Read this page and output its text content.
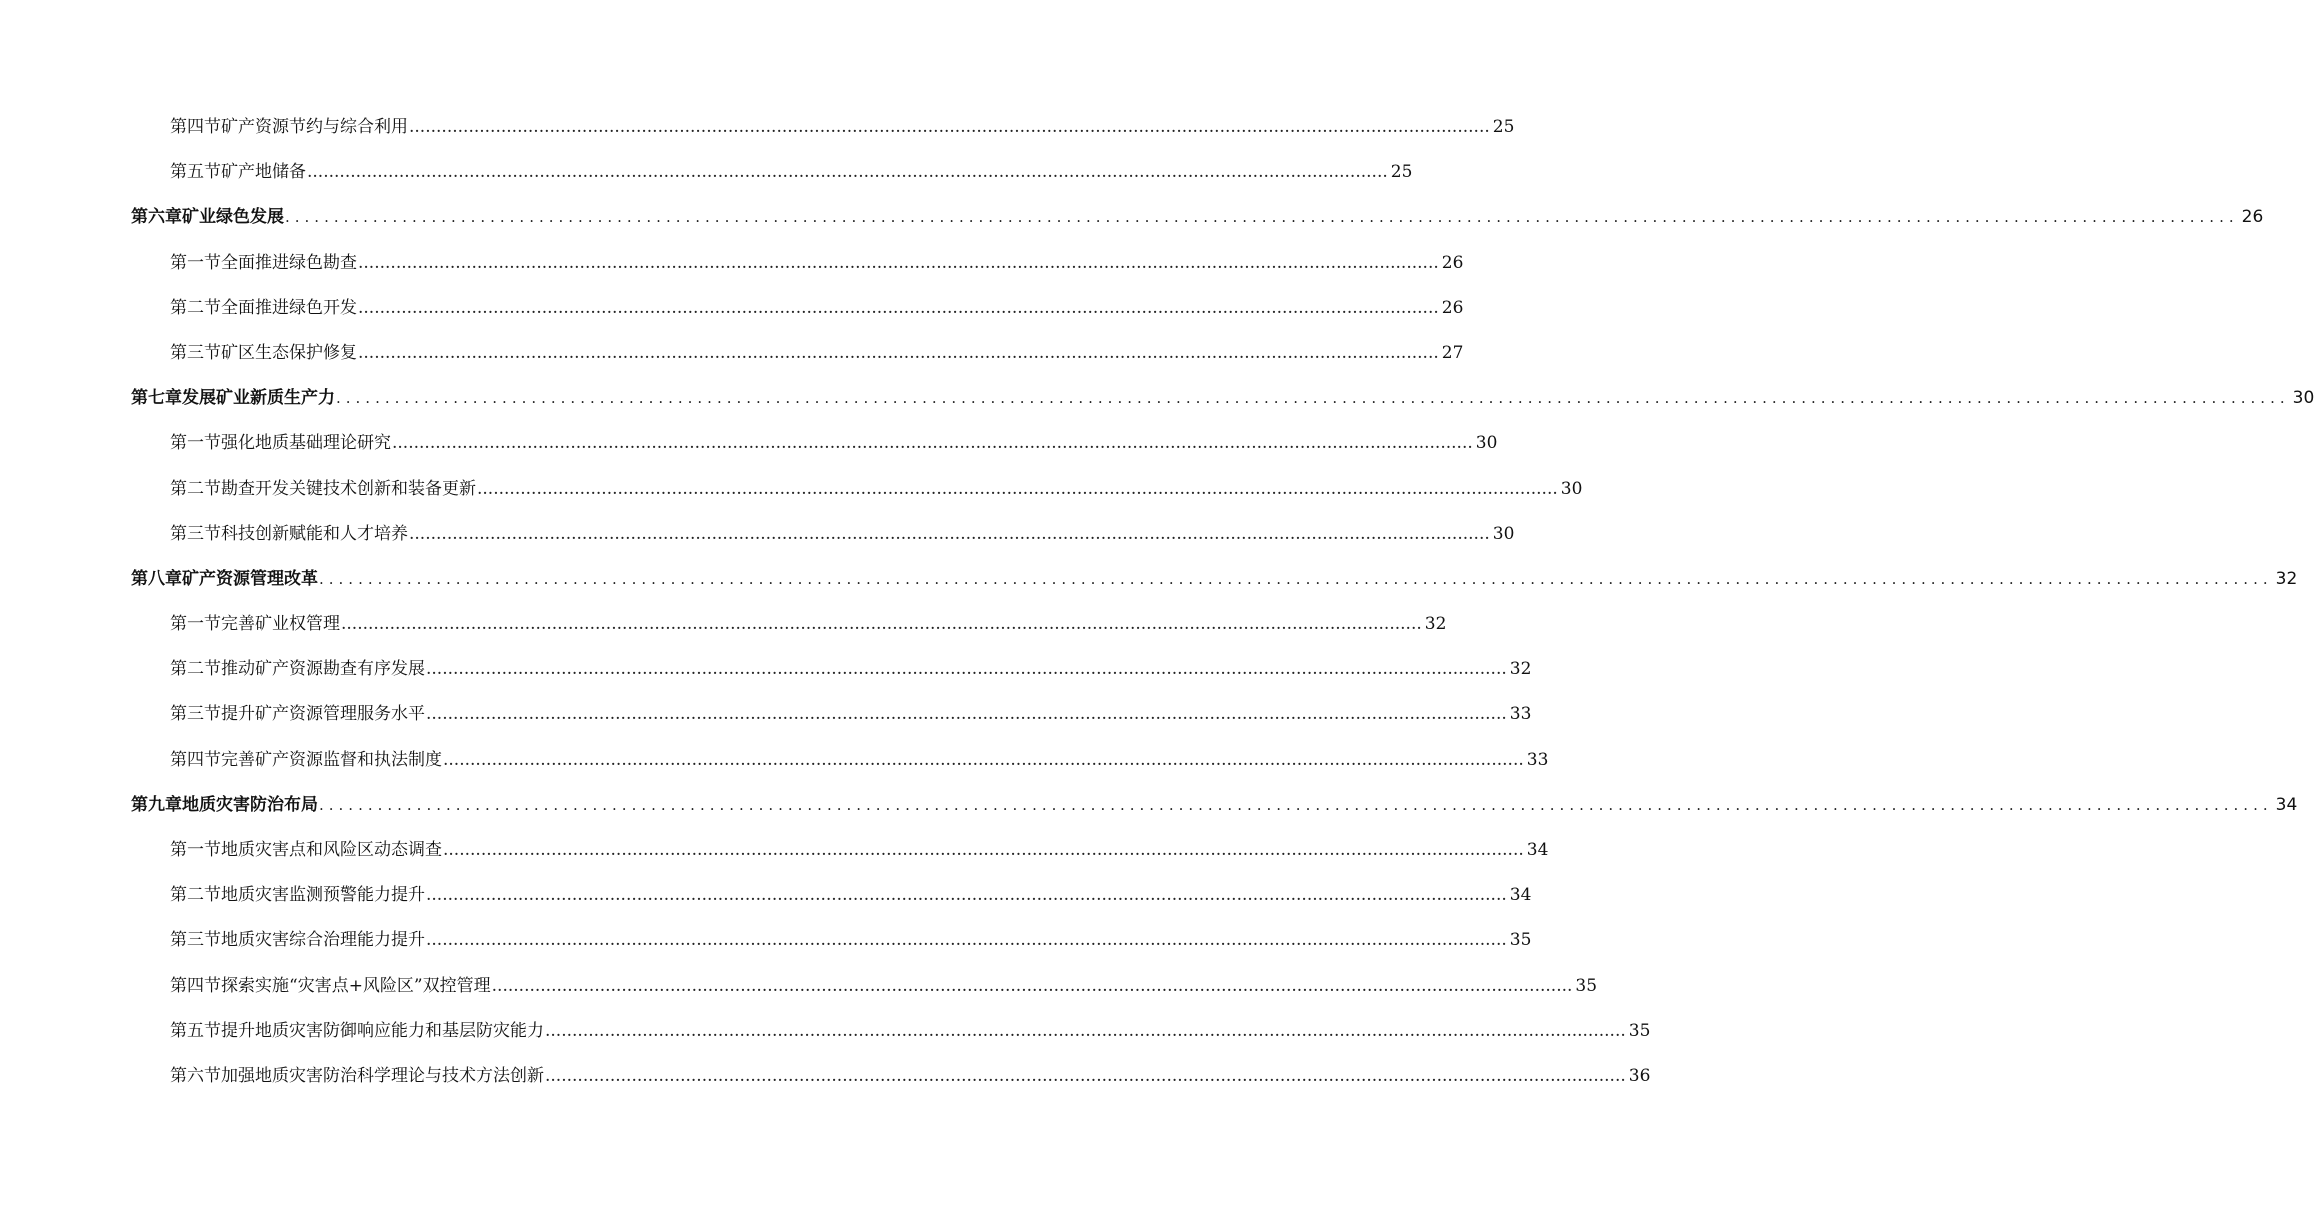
第四节 矿产资源节约与综合利用 ........................................................................................................................................................................................................ 25
第五节 矿产地储备 ........................................................................................................................................................................................................ 25
第六章 矿业绿色发展 ........................................................................................................................................................................................................ 26
第一节 全面推进绿色勘查 ........................................................................................................................................................................................................ 26
第二节 全面推进绿色开发 ........................................................................................................................................................................................................ 26
第三节 矿区生态保护修复 ........................................................................................................................................................................................................ 27
第七章 发展矿业新质生产力 ........................................................................................................................................................................................................ 30
第一节 强化地质基础理论研究 ........................................................................................................................................................................................................ 30
第二节 勘查开发关键技术创新和装备更新 ........................................................................................................................................................................................................ 30
第三节 科技创新赋能和人才培养 ........................................................................................................................................................................................................ 30
第八章 矿产资源管理改革 ........................................................................................................................................................................................................ 32
第一节 完善矿业权管理 ........................................................................................................................................................................................................ 32
第二节 推动矿产资源勘查有序发展 ........................................................................................................................................................................................................ 32
第三节 提升矿产资源管理服务水平 ........................................................................................................................................................................................................ 33
第四节 完善矿产资源监督和执法制度 ........................................................................................................................................................................................................ 33
第九章 地质灾害防治布局 ........................................................................................................................................................................................................ 34
第一节 地质灾害点和风险区动态调查 ........................................................................................................................................................................................................ 34
第二节 地质灾害监测预警能力提升 ........................................................................................................................................................................................................ 34
第三节 地质灾害综合治理能力提升 ........................................................................................................................................................................................................ 35
第四节 探索实施“灾害点+风险区”双控管理 ........................................................................................................................................................................................................ 35
第五节 提升地质灾害防御响应能力和基层防灾能力 ........................................................................................................................................................................................................ 35
第六节 加强地质灾害防治科学理论与技术方法创新 ........................................................................................................................................................................................................ 36
